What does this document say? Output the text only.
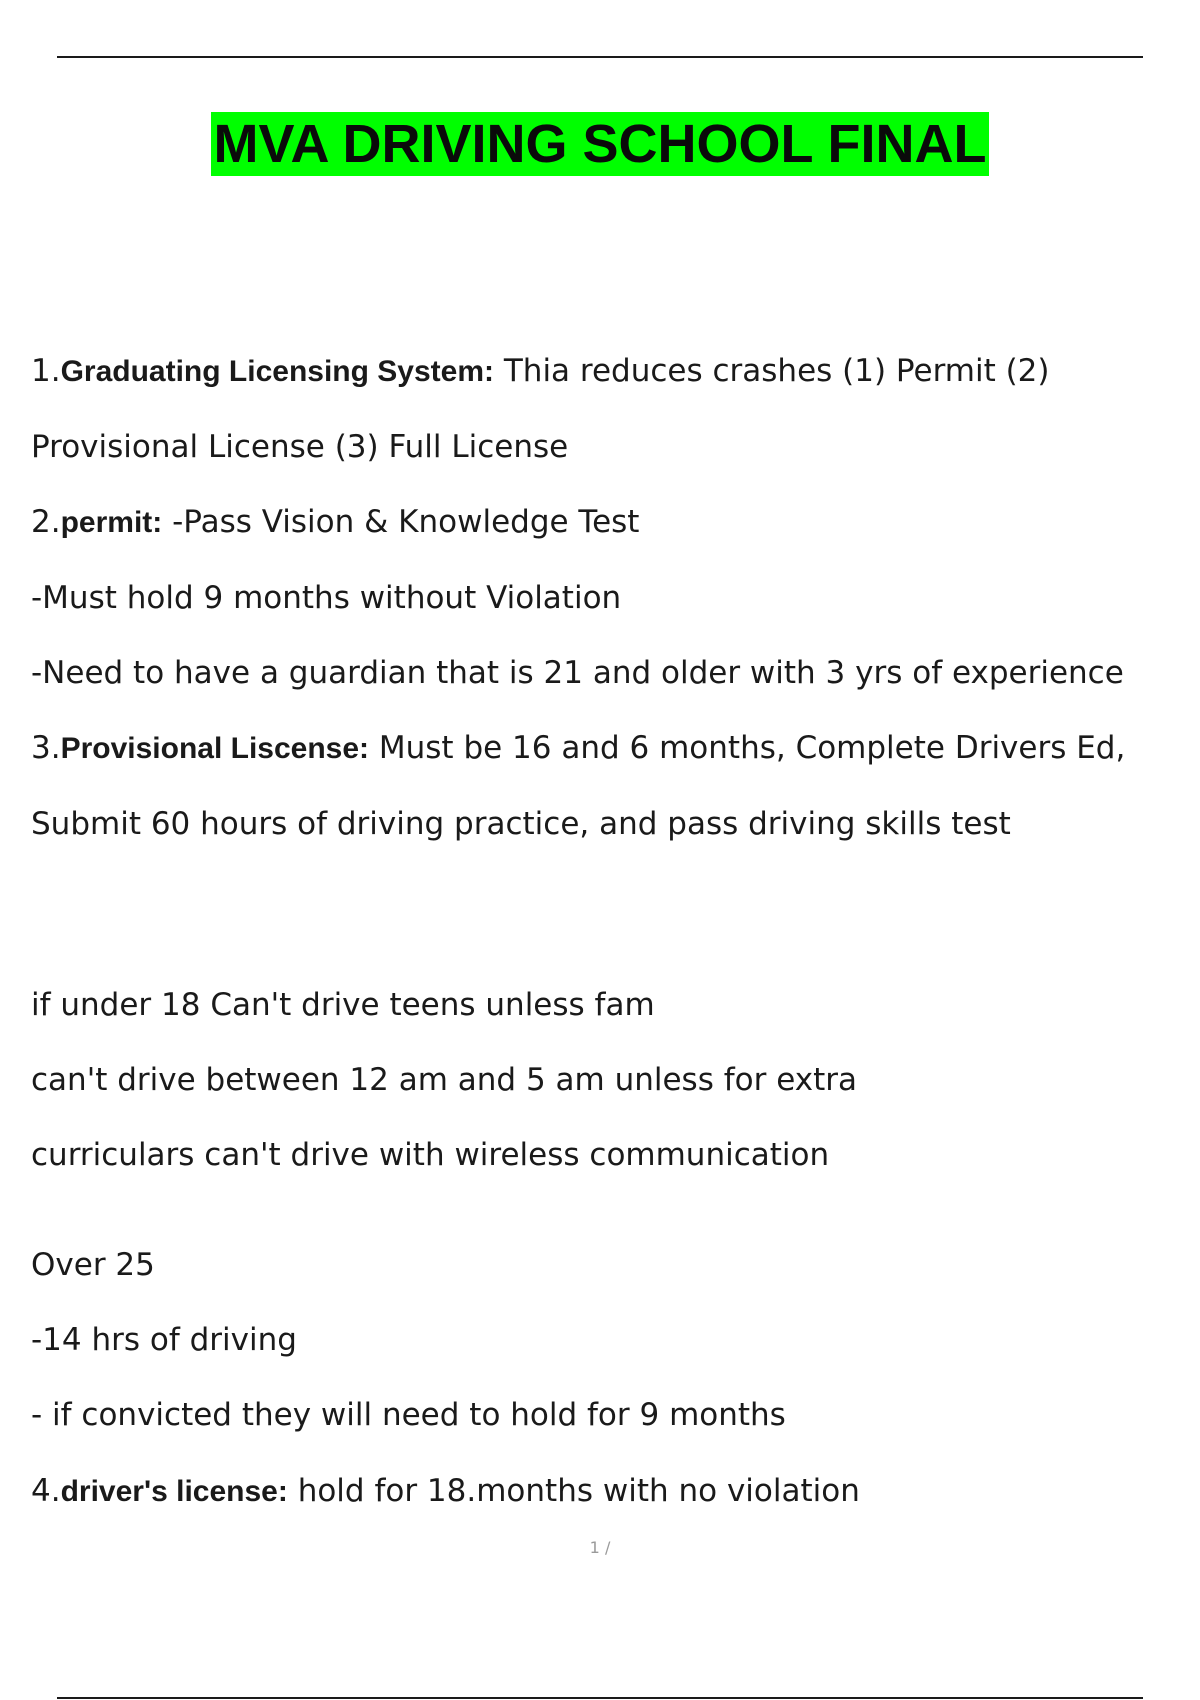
MVA DRIVING SCHOOL FINAL
1.Graduating Licensing System: Thia reduces crashes (1) Permit (2)
Provisional License (3) Full License
2.permit: -Pass Vision & Knowledge Test
-Must hold 9 months without Violation
-Need to have a guardian that is 21 and older with 3 yrs of experience
3.Provisional Liscense: Must be 16 and 6 months, Complete Drivers Ed,
Submit 60 hours of driving practice, and pass driving skills test
if under 18 Can't drive teens unless fam
can't drive between 12 am and 5 am unless for extra
curriculars can't drive with wireless communication
Over 25
-14 hrs of driving
- if convicted they will need to hold for 9 months
4.driver's license: hold for 18.months with no violation
1 /
